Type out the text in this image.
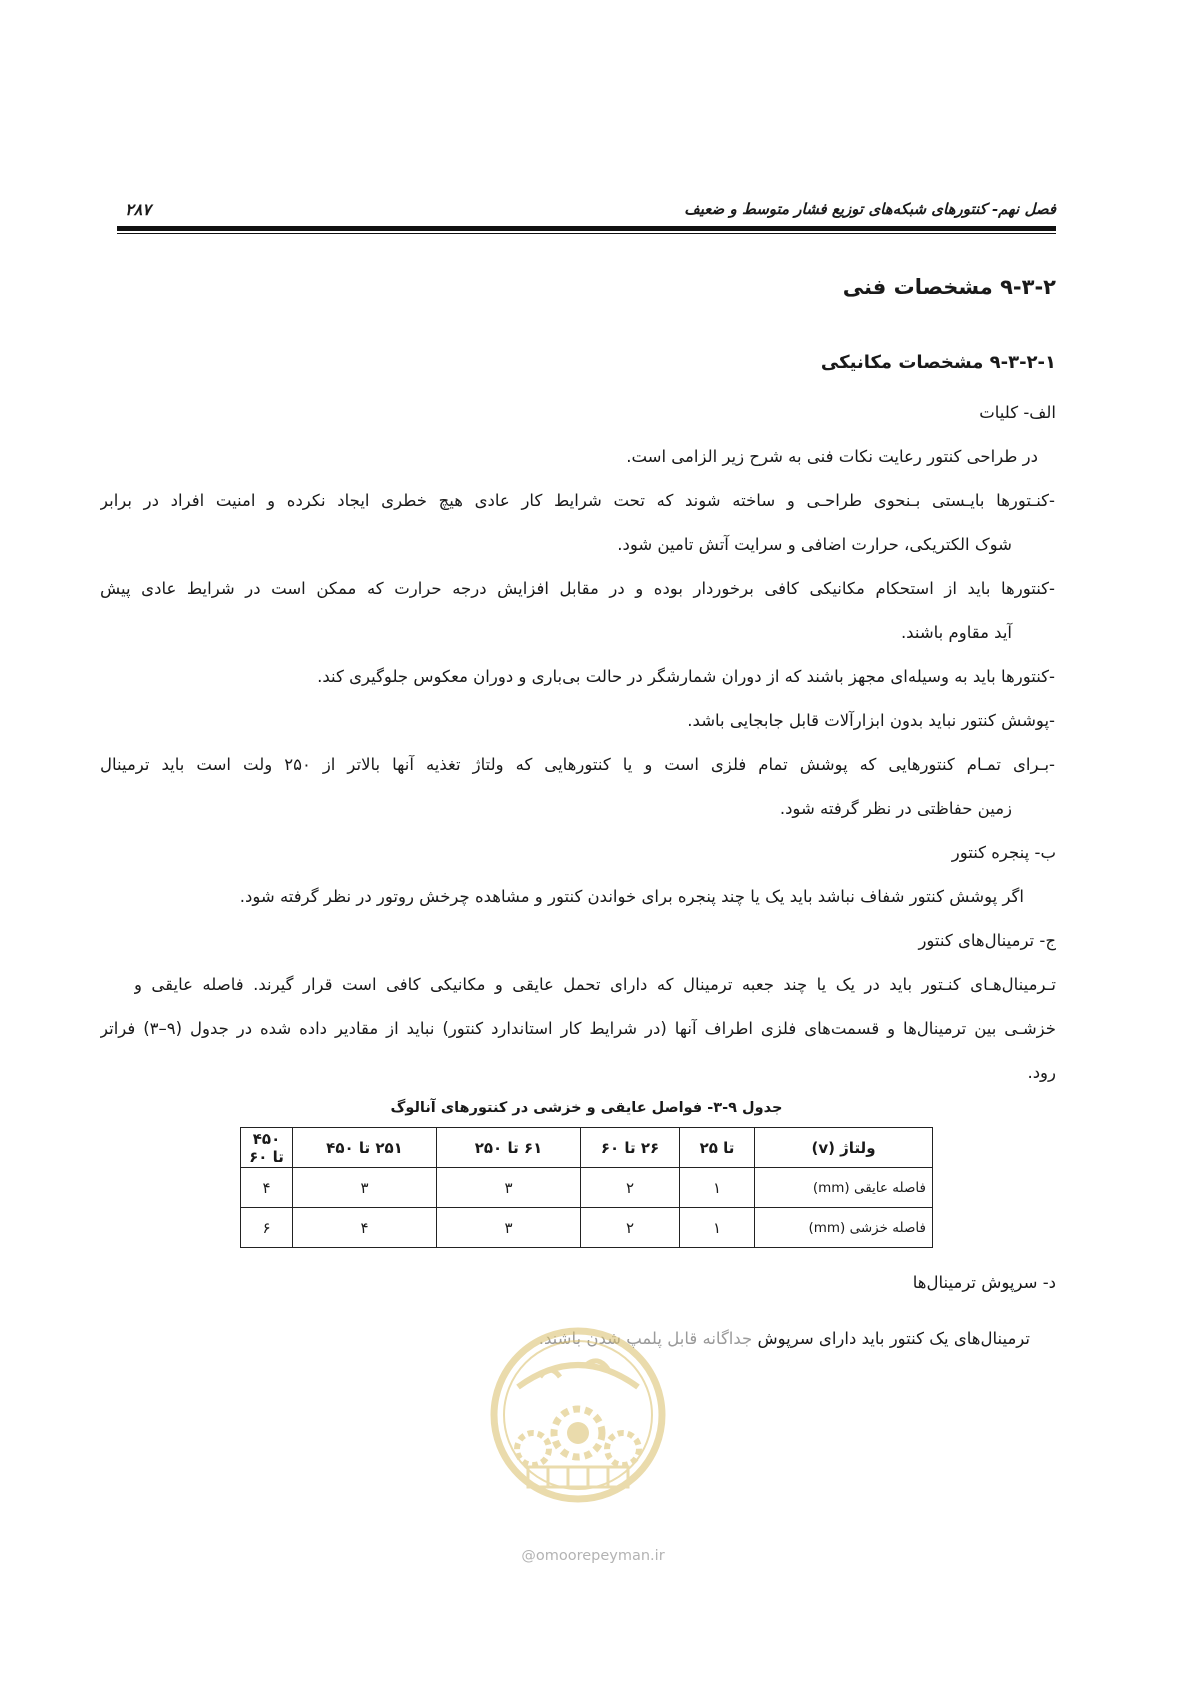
فصل نهم- کنتورهای شبکه‌های توزیع فشار متوسط و ضعیف
۲۸۷
۹-۳-۲ مشخصات فنی
۹-۳-۲-۱ مشخصات مکانیکی
الف- کلیات
در طراحی کنتور رعایت نکات فنی به شرح زیر الزامی است.
-کنـتورها بایـستی بـنحوی طراحـی و ساخته شوند که تحت شرایط کار عادی هیچ خطری ایجاد نکرده و امنیت افراد در برابر
شوک الکتریکی، حرارت اضافی و سرایت آتش تامین شود.
-کنتورها باید از استحکام مکانیکی کافی برخوردار بوده و در مقابل افزایش درجه حرارت که ممکن است در شرایط عادی پیش
آید مقاوم باشند.
-کنتورها باید به وسیله‌ای مجهز باشند که از دوران شمارشگر در حالت بی‌باری و دوران معکوس جلوگیری کند.
-پوشش کنتور نباید بدون ابزارآلات قابل جابجایی باشد.
-بـرای تمـام کنتورهایی که پوشش تمام فلزی است و یا کنتورهایی که ولتاژ تغذیه آنها بالاتر از ۲۵۰ ولت است باید ترمینال
زمین حفاظتی در نظر گرفته شود.
ب- پنجره کنتور
اگر پوشش کنتور شفاف نباشد باید یک یا چند پنجره برای خواندن کنتور و مشاهده چرخش روتور در نظر گرفته شود.
ج- ترمینال‌های کنتور
تـرمینال‌هـای کنـتور باید در یک یا چند جعبه ترمینال که دارای تحمل عایقی و مکانیکی کافی است قرار گیرند. فاصله عایقی و
خزشـی بین ترمینال‌ها و قسمت‌های فلزی اطراف آنها (در شرایط کار استاندارد کنتور) نباید از مقادیر داده شده در جدول (۹–۳) فراتر
رود.
جدول ۹-۳- فواصل عایقی و خزشی در کنتورهای آنالوگ
ولتاژ (v)	تا ۲۵	۲۶ تا ۶۰	۶۱ تا ۲۵۰	۲۵۱ تا ۴۵۰	۴۵۰ تا ۶۰
فاصله عایقی (mm)	۱	۲	۳	۳	۴
فاصله خزشی (mm)	۱	۲	۳	۴	۶
د- سرپوش ترمینال‌ها
ترمینال‌های یک کنتور باید دارای سرپوش جداگانه قابل پلمپ شدن باشند.
@omoorepeyman.ir
